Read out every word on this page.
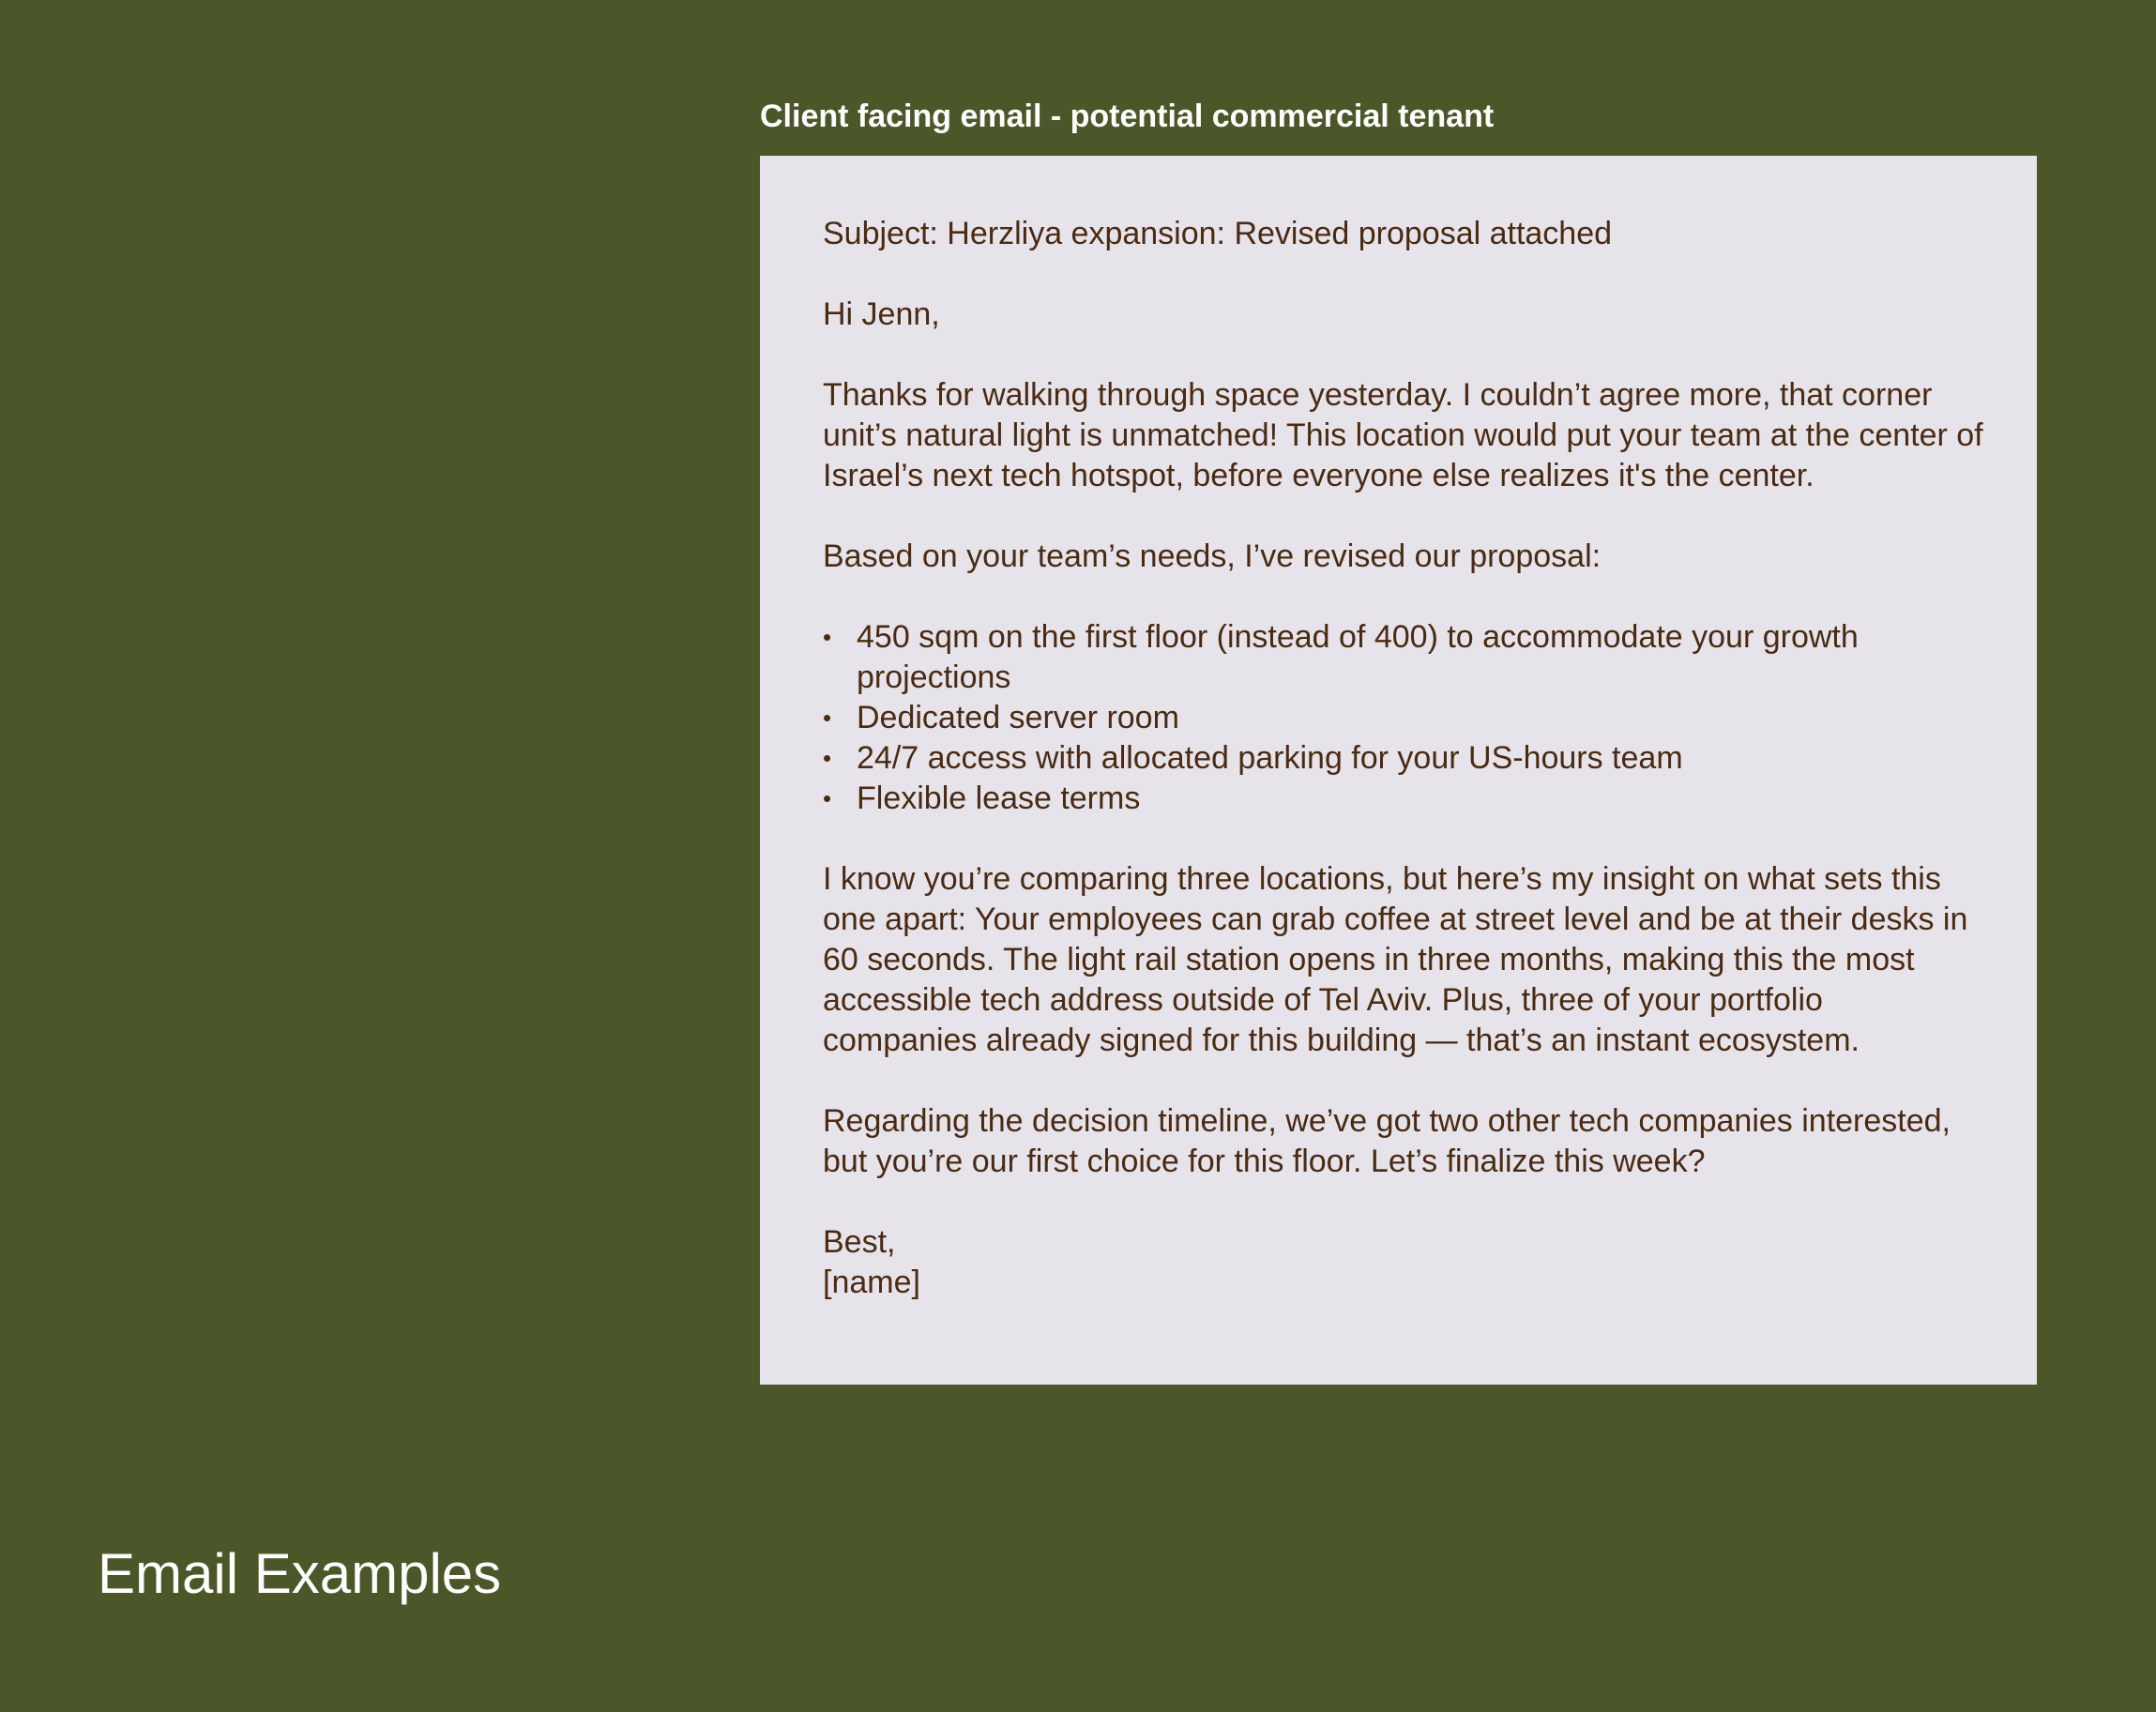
Client facing email - potential commercial tenant

Subject: Herzliya expansion: Revised proposal attached

Hi Jenn,

Thanks for walking through space yesterday. I couldn’t agree more, that corner unit’s natural light is unmatched! This location would put your team at the center of Israel’s next tech hotspot, before everyone else realizes it's the center.

Based on your team’s needs, I’ve revised our proposal:

• 450 sqm on the first floor (instead of 400) to accommodate your growth projections
• Dedicated server room
• 24/7 access with allocated parking for your US-hours team
• Flexible lease terms

I know you’re comparing three locations, but here’s my insight on what sets this one apart: Your employees can grab coffee at street level and be at their desks in 60 seconds. The light rail station opens in three months, making this the most accessible tech address outside of Tel Aviv. Plus, three of your portfolio companies already signed for this building — that’s an instant ecosystem.

Regarding the decision timeline, we’ve got two other tech companies interested, but you’re our first choice for this floor. Let’s finalize this week?

Best,

[name]

Email Examples
